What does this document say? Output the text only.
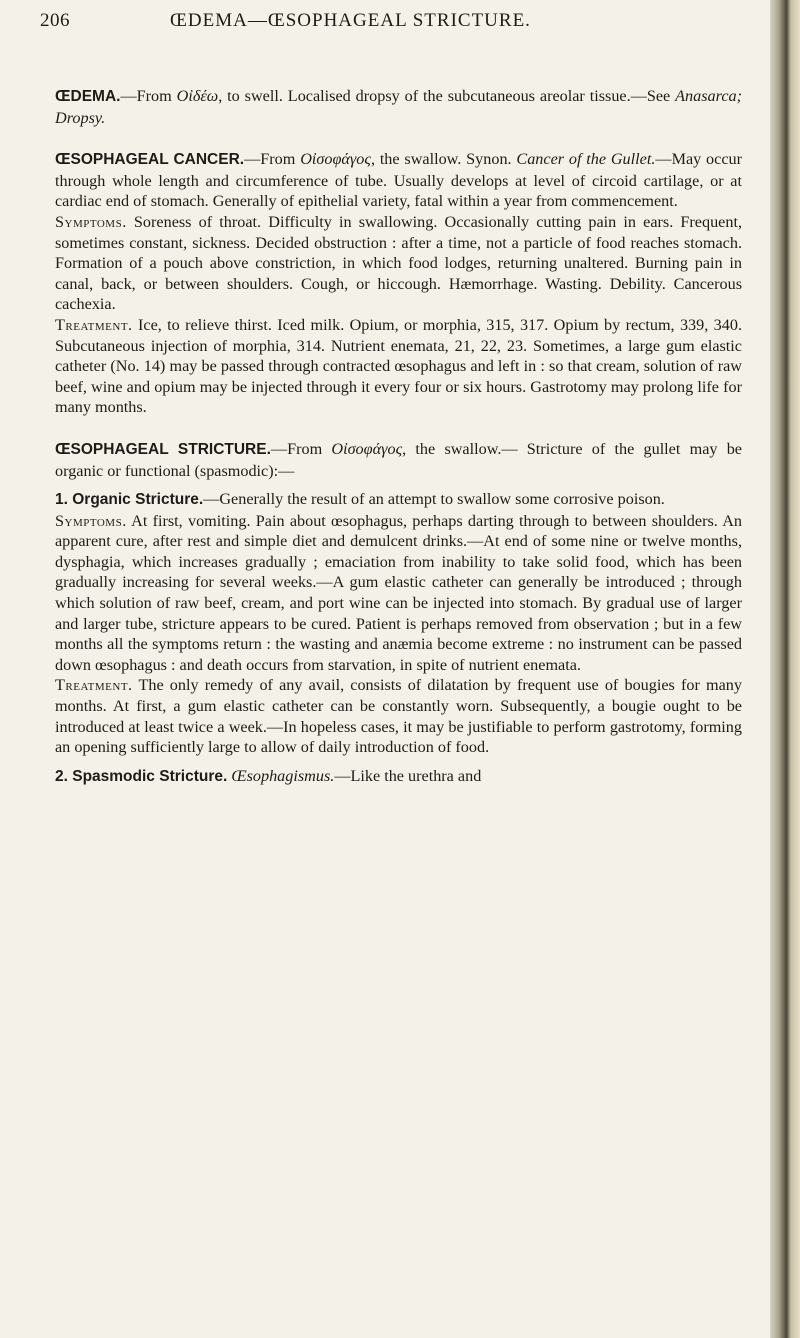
206	ŒDEMA—ŒSOPHAGEAL STRICTURE.

ŒDEMA.—From Οἰδέω, to swell. Localised dropsy of the subcutaneous areolar tissue.—See Anasarca; Dropsy.

ŒSOPHAGEAL CANCER.—From Οἰσοφάγος, the swallow. Synon. Cancer of the Gullet.—May occur through whole length and circumference of tube. Usually develops at level of circoid cartilage, or at cardiac end of stomach. Generally of epithelial variety, fatal within a year from commencement.

Symptoms. Soreness of throat. Difficulty in swallowing. Occasionally cutting pain in ears. Frequent, sometimes constant, sickness. Decided obstruction : after a time, not a particle of food reaches stomach. Formation of a pouch above constriction, in which food lodges, returning unaltered. Burning pain in canal, back, or between shoulders. Cough, or hiccough. Hæmorrhage. Wasting. Debility. Cancerous cachexia.

Treatment. Ice, to relieve thirst. Iced milk. Opium, or morphia, 315, 317. Opium by rectum, 339, 340. Subcutaneous injection of morphia, 314. Nutrient enemata, 21, 22, 23. Sometimes, a large gum elastic catheter (No. 14) may be passed through contracted œsophagus and left in : so that cream, solution of raw beef, wine and opium may be injected through it every four or six hours. Gastrotomy may prolong life for many months.

ŒSOPHAGEAL STRICTURE.—From Οἰσοφάγος, the swallow.— Stricture of the gullet may be organic or functional (spasmodic):—

1. Organic Stricture.—Generally the result of an attempt to swallow some corrosive poison.

Symptoms. At first, vomiting. Pain about œsophagus, perhaps darting through to between shoulders. An apparent cure, after rest and simple diet and demulcent drinks.—At end of some nine or twelve months, dysphagia, which increases gradually ; emaciation from inability to take solid food, which has been gradually increasing for several weeks.—A gum elastic catheter can generally be introduced ; through which solution of raw beef, cream, and port wine can be injected into stomach. By gradual use of larger and larger tube, stricture appears to be cured. Patient is perhaps removed from observation ; but in a few months all the symptoms return : the wasting and anæmia become extreme : no instrument can be passed down œsophagus : and death occurs from starvation, in spite of nutrient enemata.

Treatment. The only remedy of any avail, consists of dilatation by frequent use of bougies for many months. At first, a gum elastic catheter can be constantly worn. Subsequently, a bougie ought to be introduced at least twice a week.—In hopeless cases, it may be justifiable to perform gastrotomy, forming an opening sufficiently large to allow of daily introduction of food.

2. Spasmodic Stricture. Œsophagismus.—Like the urethra and
